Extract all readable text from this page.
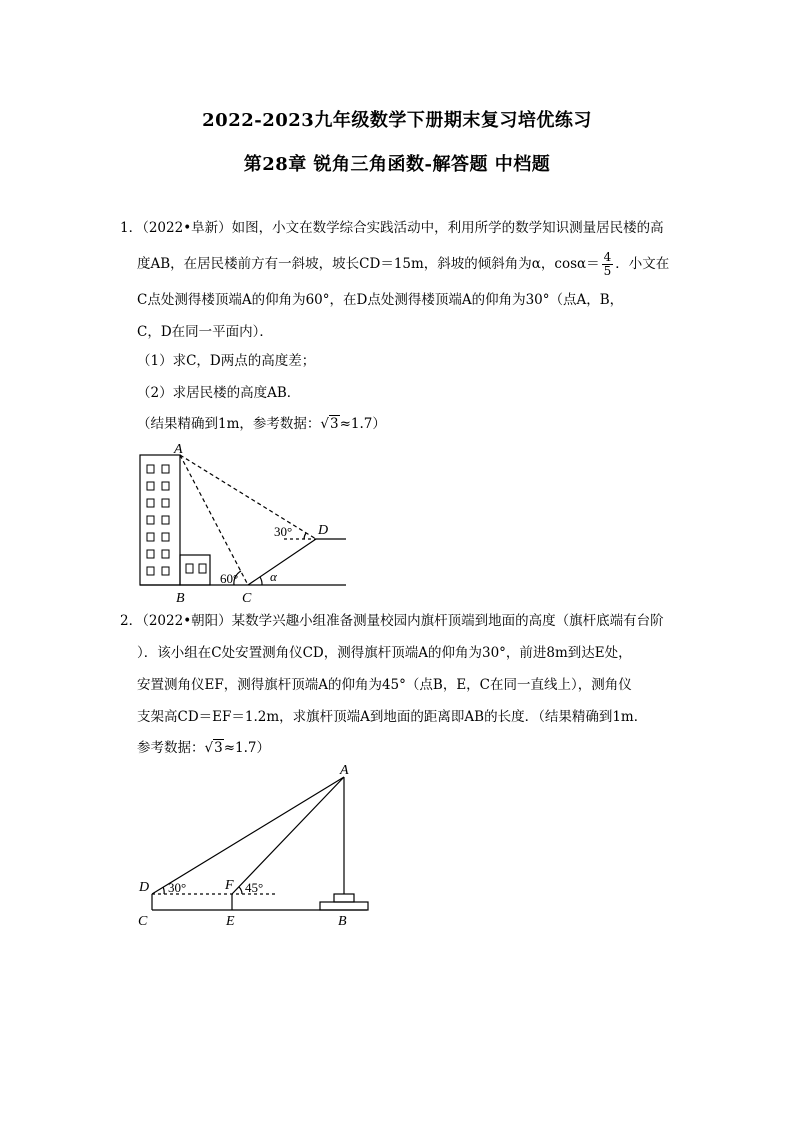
2022-2023九年级数学下册期末复习培优练习
第28章 锐角三角函数-解答题 中档题
1．（2022•阜新）如图，小文在数学综合实践活动中，利用所学的数学知识测量居民楼的高
度AB，在居民楼前方有一斜坡，坡长CD＝15m，斜坡的倾斜角为α，$\cos\alpha= \frac{4}{5}$ ．小文在
C点处测得楼顶端A的仰角为60°，在D点处测得楼顶端A的仰角为30°（点A，B，
C，D在同一平面内）．
（1）求C，D两点的高度差；
（2）求居民楼的高度AB．
（结果精确到1m，参考数据：√3≈1.7）
A
B	C
D
30°
60° α
2．（2022•朝阳）某数学兴趣小组准备测量校园内旗杆顶端到地面的高度（旗杆底端有台阶
）．该小组在C处安置测角仪CD，测得旗杆顶端A的仰角为30°，前进8m到达E处，
安置测角仪EF，测得旗杆顶端A的仰角为45°（点B，E，C在同一直线上），测角仪
支架高CD＝EF＝1.2m，求旗杆顶端A到地面的距离即AB的长度．（结果精确到1m．
参考数据：√3≈1.7）
A
B
C
D
E
F
30°	45°
